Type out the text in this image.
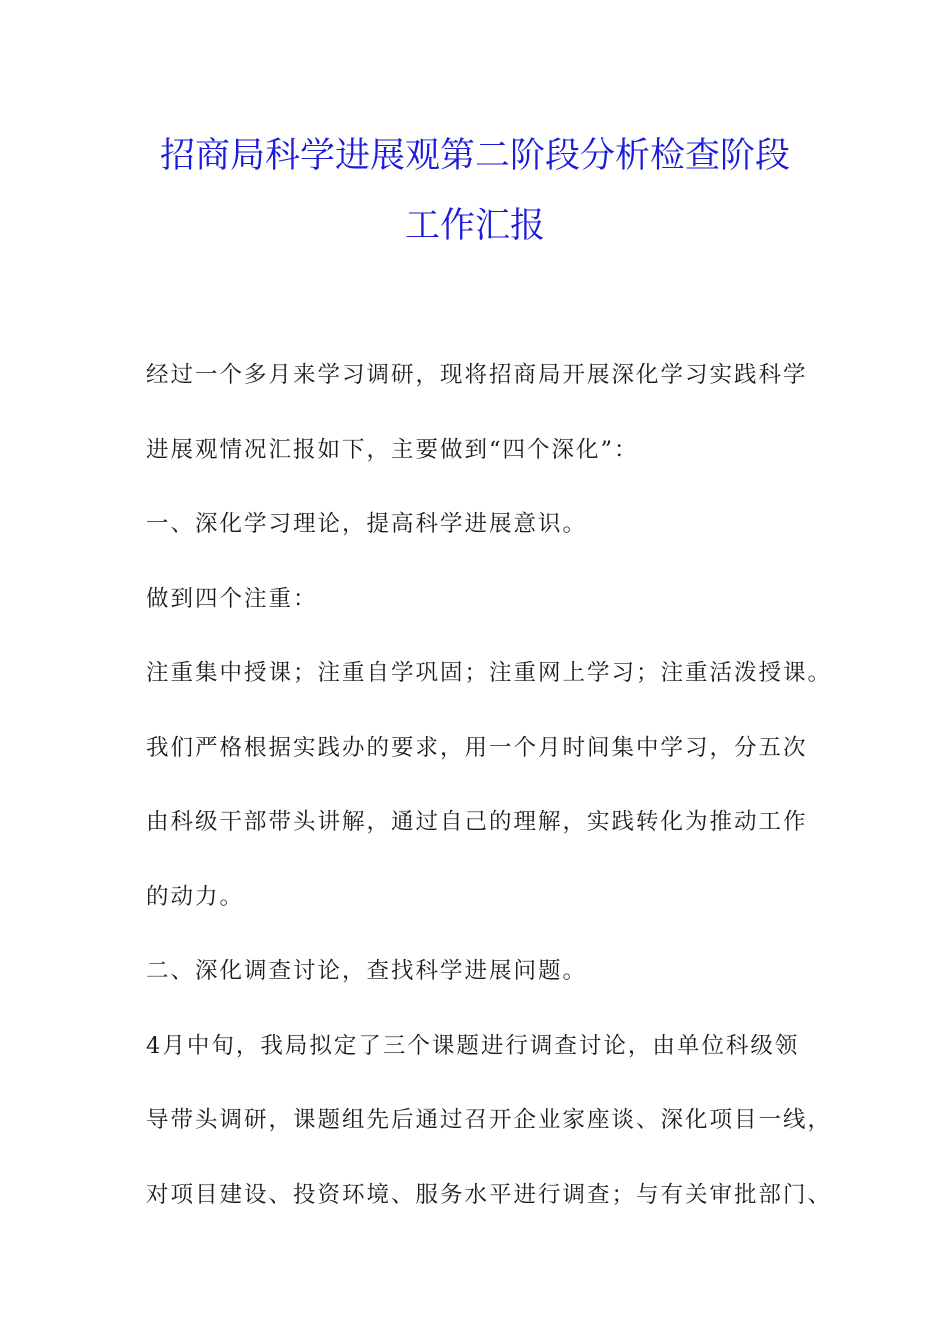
招商局科学进展观第二阶段分析检查阶段
工作汇报

经过一个多月来学习调研，现将招商局开展深化学习实践科学

进展观情况汇报如下，主要做到“四个深化”：

一、深化学习理论，提高科学进展意识。

做到四个注重：

注重集中授课；注重自学巩固；注重网上学习；注重活泼授课。

我们严格根据实践办的要求，用一个月时间集中学习，分五次

由科级干部带头讲解，通过自己的理解，实践转化为推动工作

的动力。

二、深化调查讨论，查找科学进展问题。

4月中旬，我局拟定了三个课题进行调查讨论，由单位科级领

导带头调研，课题组先后通过召开企业家座谈、深化项目一线，

对项目建设、投资环境、服务水平进行调查；与有关审批部门、
